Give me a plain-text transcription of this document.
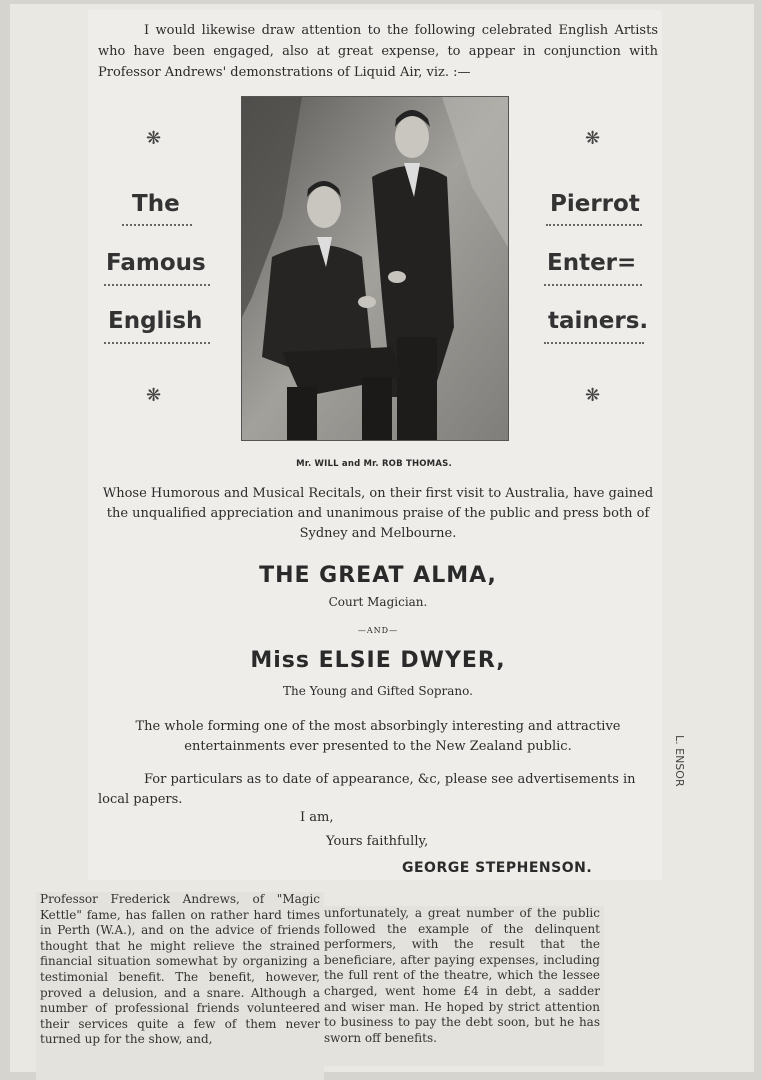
I would likewise draw attention to the following celebrated English Artists who have been engaged, also at great expense, to appear in conjunction with Professor Andrews' demonstrations of Liquid Air, viz. :—
❋	❋
❋	❋
The
Famous
English
Pierrot
Enter=
tainers.
Mr. WILL and Mr. ROB THOMAS.
Whose Humorous and Musical Recitals, on their first visit to Australia, have gained the unqualified appreciation and unanimous praise of the public and press both of Sydney and Melbourne.
THE GREAT ALMA,
Court Magician.
—AND—
Miss ELSIE DWYER,
The Young and Gifted Soprano.
The whole forming one of the most absorbingly interesting and attractive entertainments ever presented to the New Zealand public.
For particulars as to date of appearance, &c, please see advertisements in local papers.
I am,
Yours faithfully,
GEORGE STEPHENSON.
Professor Frederick Andrews, of "Magic Kettle" fame, has fallen on rather hard times in Perth (W.A.), and on the advice of friends thought that he might relieve the strained financial situation somewhat by organizing a testimonial benefit. The benefit, however, proved a delusion, and a snare. Although a number of professional friends volunteered their services quite a few of them never turned up for the show, and,
unfortunately, a great number of the public followed the example of the delinquent performers, with the result that the beneficiare, after paying expenses, including the full rent of the theatre, which the lessee charged, went home £4 in debt, a sadder and wiser man. He hoped by strict attention to business to pay the debt soon, but he has sworn off benefits.
L. ENSOR
